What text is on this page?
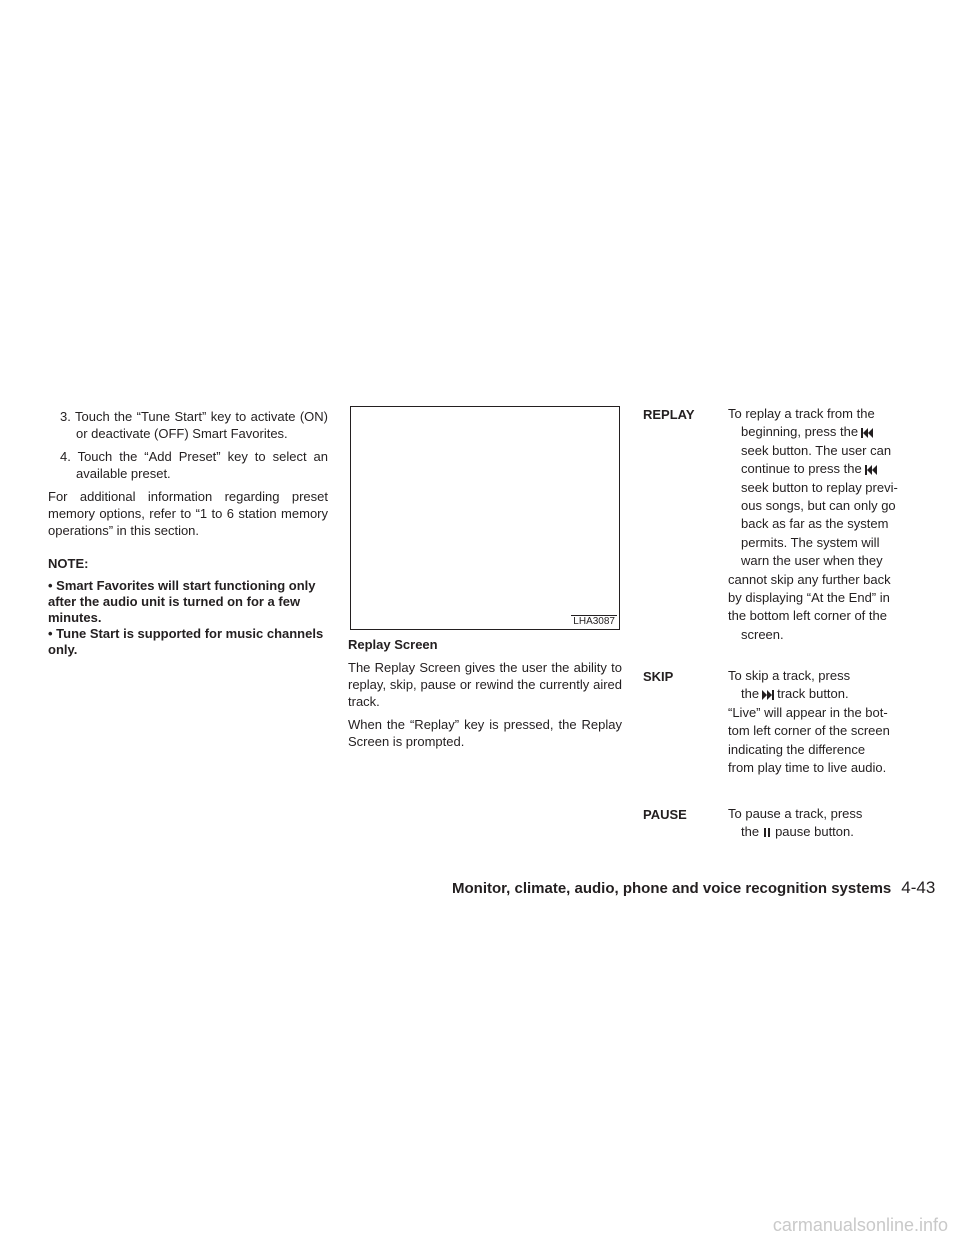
3. Touch the “Tune Start” key to activate (ON) or deactivate (OFF) Smart Favorites.

4. Touch the “Add Preset” key to select an available preset.

For additional information regarding preset memory options, refer to “1 to 6 station memory operations” in this section.

NOTE:

• Smart Favorites will start functioning only after the audio unit is turned on for a few minutes.

• Tune Start is supported for music channels only.

LHA3087

Replay Screen

The Replay Screen gives the user the ability to replay, skip, pause or rewind the currently aired track.

When the “Replay” key is pressed, the Replay Screen is prompted.

REPLAY	To replay a track from the
beginning, press the
seek button. The user can
continue to press the
seek button to replay previ-
ous songs, but can only go
back as far as the system
permits. The system will
warn the user when they
cannot skip any further back
by displaying “At the End” in
the bottom left corner of the
screen.
SKIP	To skip a track, press
the track button.
“Live” will appear in the bot-
tom left corner of the screen
indicating the difference
from play time to live audio.
PAUSE	To pause a track, press
the pause button.
Monitor, climate, audio, phone and voice recognition systems 4-43
carmanualsonline.info
